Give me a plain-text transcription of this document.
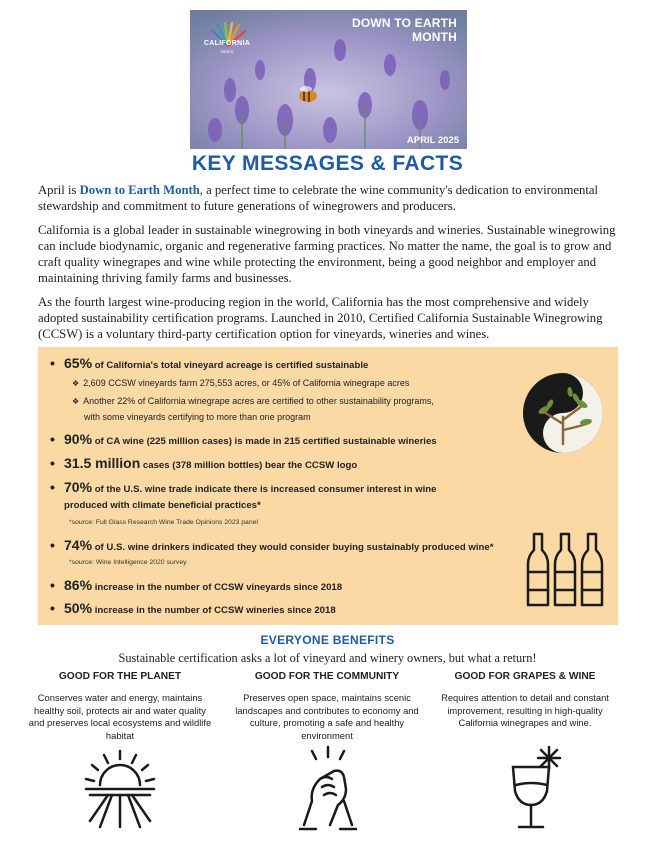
CALIFORNIA
WINES
DOWN TO EARTH
MONTH
APRIL 2025
KEY MESSAGES & FACTS

April is Down to Earth Month, a perfect time to celebrate the wine community's dedication to environmental stewardship and commitment to future generations of winegrowers and producers.

California is a global leader in sustainable winegrowing in both vineyards and wineries. Sustainable winegrowing can include biodynamic, organic and regenerative farming practices. No matter the name, the goal is to grow and craft quality winegrapes and wine while protecting the environment, being a good neighbor and employer and maintaining thriving family farms and businesses.

As the fourth largest wine-producing region in the world, California has the most comprehensive and widely adopted sustainability certification programs. Launched in 2010, Certified California Sustainable Winegrowing (CCSW) is a voluntary third-party certification option for vineyards, wineries and wines.

• 65% of California's total vineyard acreage is certified sustainable
❖ 2,609 CCSW vineyards farm 275,553 acres, or 45% of California winegrape acres
❖ Another 22% of California winegrape acres are certified to other sustainability programs,
with some vineyards certifying to more than one program
• 90% of CA wine (225 million cases) is made in 215 certified sustainable wineries
• 31.5 million cases (378 million bottles) bear the CCSW logo
• 70% of the U.S. wine trade indicate there is increased consumer interest in wine
produced with climate beneficial practices*
*source: Full Glass Research Wine Trade Opinions 2023 panel
• 74% of U.S. wine drinkers indicated they would consider buying sustainably produced wine*
*source: Wine Intelligence 2020 survey
• 86% increase in the number of CCSW vineyards since 2018
• 50% increase in the number of CCSW wineries since 2018
EVERYONE BENEFITS
Sustainable certification asks a lot of vineyard and winery owners, but what a return!
GOOD FOR THE PLANET
Conserves water and energy, maintains healthy soil, protects air and water quality and preserves local ecosystems and wildlife habitat
GOOD FOR THE COMMUNITY
Preserves open space, maintains scenic landscapes and contributes to economy and culture, promoting a safe and healthy environment
GOOD FOR GRAPES & WINE
Requires attention to detail and constant improvement, resulting in high-quality California winegrapes and wine.
